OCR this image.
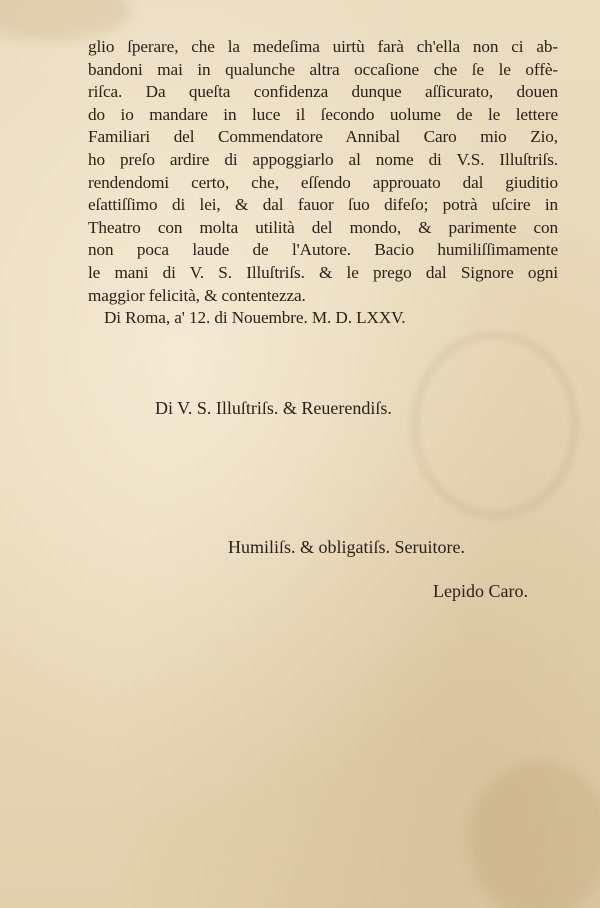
glio ſperare, che la medeſima uirtù farà ch'ella non ci ab-
bandoni mai in qualunche altra occaſione che ſe le offè-
riſca. Da queſta confidenza dunque aſſicurato, douen
do io mandare in luce il ſecondo uolume de le lettere
Familiari del Commendatore Annibal Caro mio Zio,
ho preſo ardire di appoggiarlo al nome di V.S. Illuſtriſs.
rendendomi certo, che, eſſendo approuato dal giuditio
eſattiſſimo di lei, & dal fauor ſuo difeſo; potrà uſcire in
Theatro con molta utilità del mondo, & parimente con
non poca laude de l'Autore. Bacio humiliſſimamente
le mani di V. S. Illuſtriſs. & le prego dal Signore ogni
maggior felicità, & contentezza.
Di Roma, a' 12. di Nouembre. M. D. LXXV.
Di V. S. Illuſtriſs. & Reuerendiſs.
Humiliſs. & obligatiſs. Seruitore.
Lepido Caro.
